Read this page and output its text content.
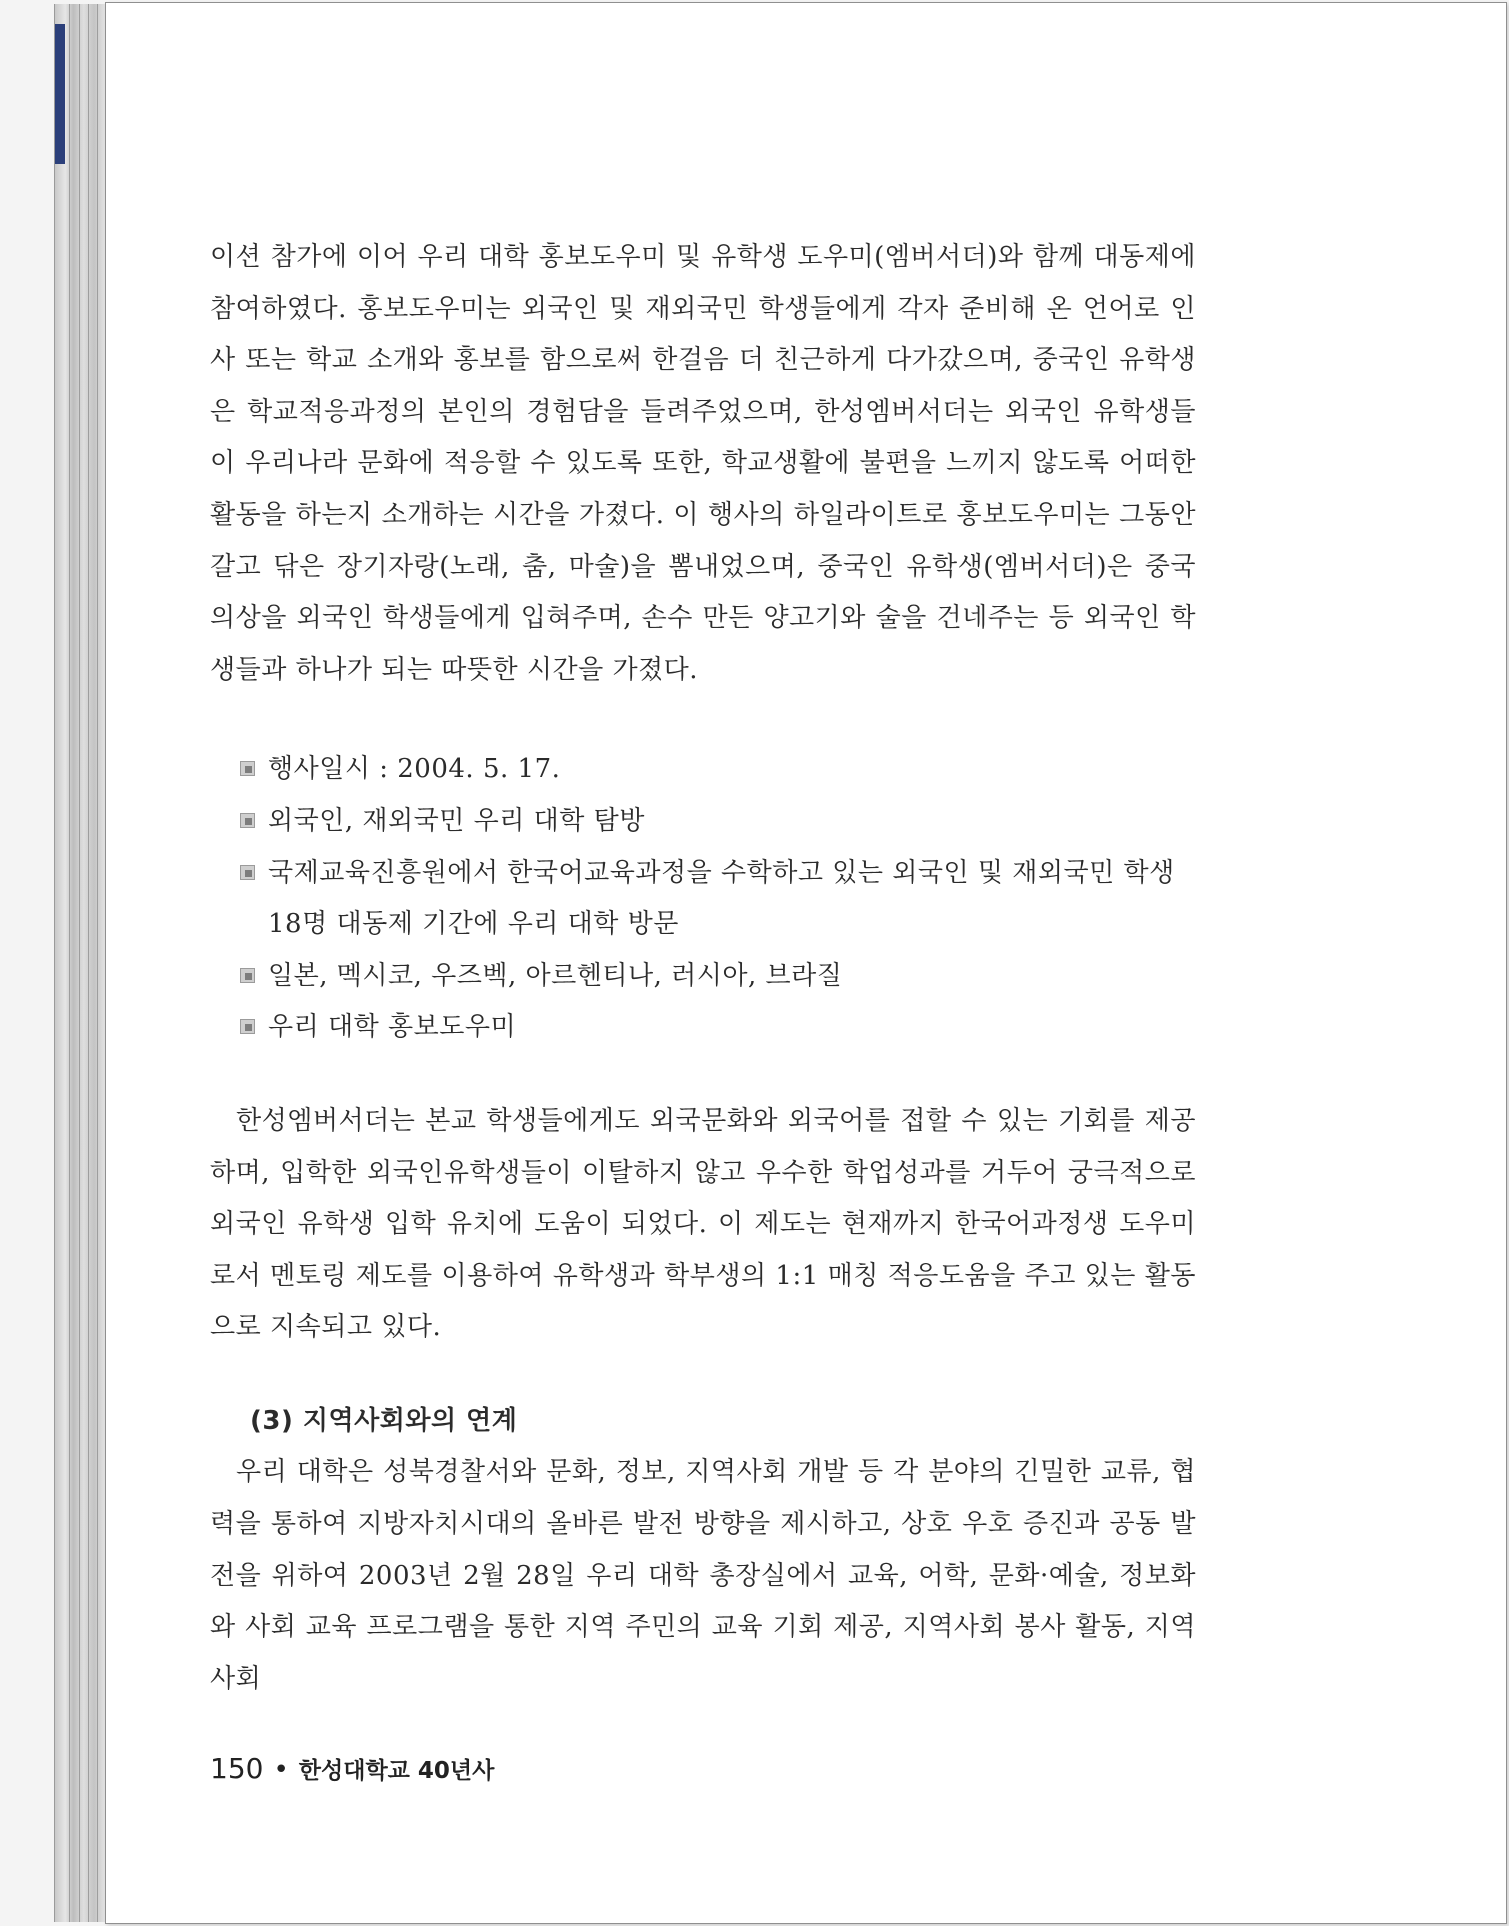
이션 참가에 이어 우리 대학 홍보도우미 및 유학생 도우미(엠버서더)와 함께 대동제에 참여하였다. 홍보도우미는 외국인 및 재외국민 학생들에게 각자 준비해 온 언어로 인사 또는 학교 소개와 홍보를 함으로써 한걸음 더 친근하게 다가갔으며, 중국인 유학생은 학교적응과정의 본인의 경험담을 들려주었으며, 한성엠버서더는 외국인 유학생들이 우리나라 문화에 적응할 수 있도록 또한, 학교생활에 불편을 느끼지 않도록 어떠한 활동을 하는지 소개하는 시간을 가졌다. 이 행사의 하일라이트로 홍보도우미는 그동안 갈고 닦은 장기자랑(노래, 춤, 마술)을 뽐내었으며, 중국인 유학생(엠버서더)은 중국 의상을 외국인 학생들에게 입혀주며, 손수 만든 양고기와 술을 건네주는 등 외국인 학생들과 하나가 되는 따뜻한 시간을 가졌다.

행사일시 : 2004. 5. 17.
외국인, 재외국민 우리 대학 탐방
국제교육진흥원에서 한국어교육과정을 수학하고 있는 외국인 및 재외국민 학생 18명 대동제 기간에 우리 대학 방문
일본, 멕시코, 우즈벡, 아르헨티나, 러시아, 브라질
우리 대학 홍보도우미

한성엠버서더는 본교 학생들에게도 외국문화와 외국어를 접할 수 있는 기회를 제공하며, 입학한 외국인유학생들이 이탈하지 않고 우수한 학업성과를 거두어 궁극적으로 외국인 유학생 입학 유치에 도움이 되었다. 이 제도는 현재까지 한국어과정생 도우미로서 멘토링 제도를 이용하여 유학생과 학부생의 1:1 매칭 적응도움을 주고 있는 활동으로 지속되고 있다.

(3) 지역사회와의 연계

우리 대학은 성북경찰서와 문화, 정보, 지역사회 개발 등 각 분야의 긴밀한 교류, 협력을 통하여 지방자치시대의 올바른 발전 방향을 제시하고, 상호 우호 증진과 공동 발전을 위하여 2003년 2월 28일 우리 대학 총장실에서 교육, 어학, 문화·예술, 정보화와 사회 교육 프로그램을 통한 지역 주민의 교육 기회 제공, 지역사회 봉사 활동, 지역사회

150 • 한성대학교 40년사
